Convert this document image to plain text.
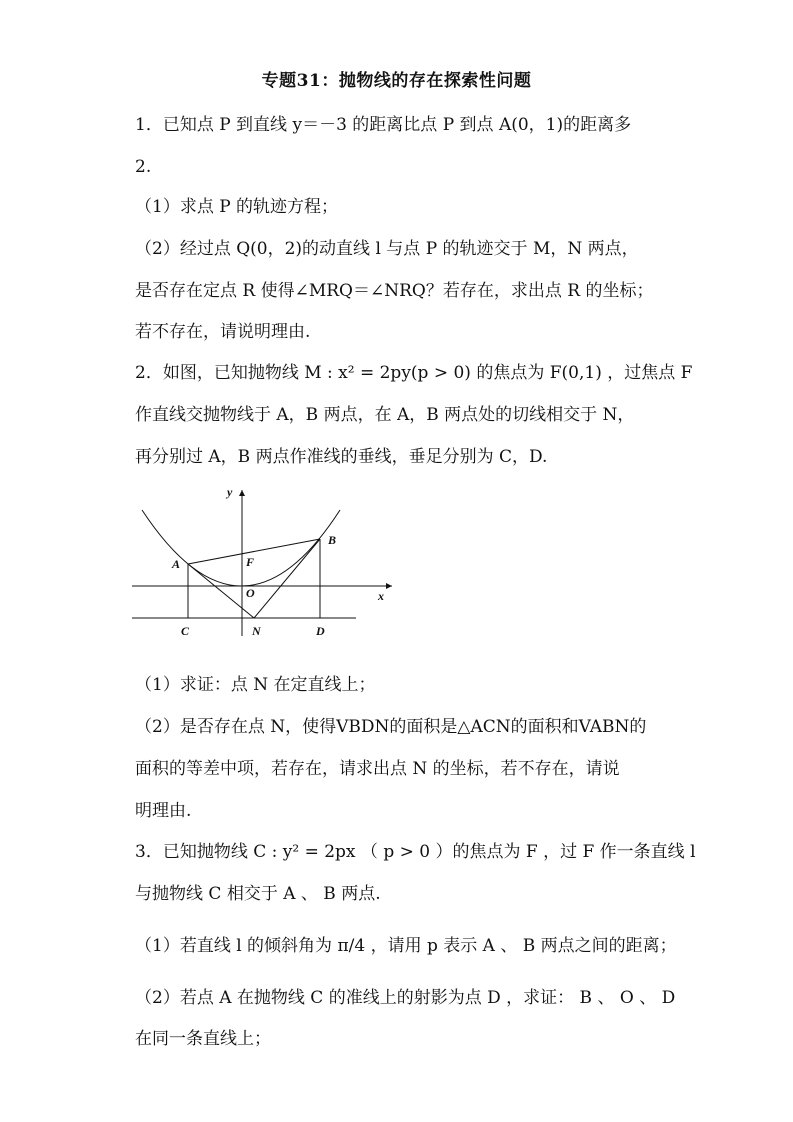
专题31：抛物线的存在探索性问题
1．已知点 P 到直线 y＝－3 的距离比点 P 到点 A(0，1)的距离多
2.
（1）求点 P 的轨迹方程；
（2）经过点 Q(0，2)的动直线 l 与点 P 的轨迹交于 M，N 两点，
是否存在定点 R 使得∠MRQ＝∠NRQ？若存在，求出点 R 的坐标；
若不存在，请说明理由.
2．如图，已知抛物线 M : x² = 2py(p > 0) 的焦点为 F(0,1) ，过焦点 F
作直线交抛物线于 A，B 两点，在 A，B 两点处的切线相交于 N，
再分别过 A，B 两点作准线的垂线，垂足分别为 C，D.
y
x
A
B
F
O
C	N	D
（1）求证：点 N 在定直线上；
（2）是否存在点 N，使得VBDN的面积是△ACN的面积和VABN的
面积的等差中项，若存在，请求出点 N 的坐标，若不存在，请说
明理由.
3．已知抛物线 C : y² = 2px （ p > 0 ）的焦点为 F ，过 F 作一条直线 l
与抛物线 C 相交于 A 、 B 两点.
（1）若直线 l 的倾斜角为 π/4 ，请用 p 表示 A 、 B 两点之间的距离；
（2）若点 A 在抛物线 C 的准线上的射影为点 D ，求证： B 、 O 、 D
在同一条直线上；
